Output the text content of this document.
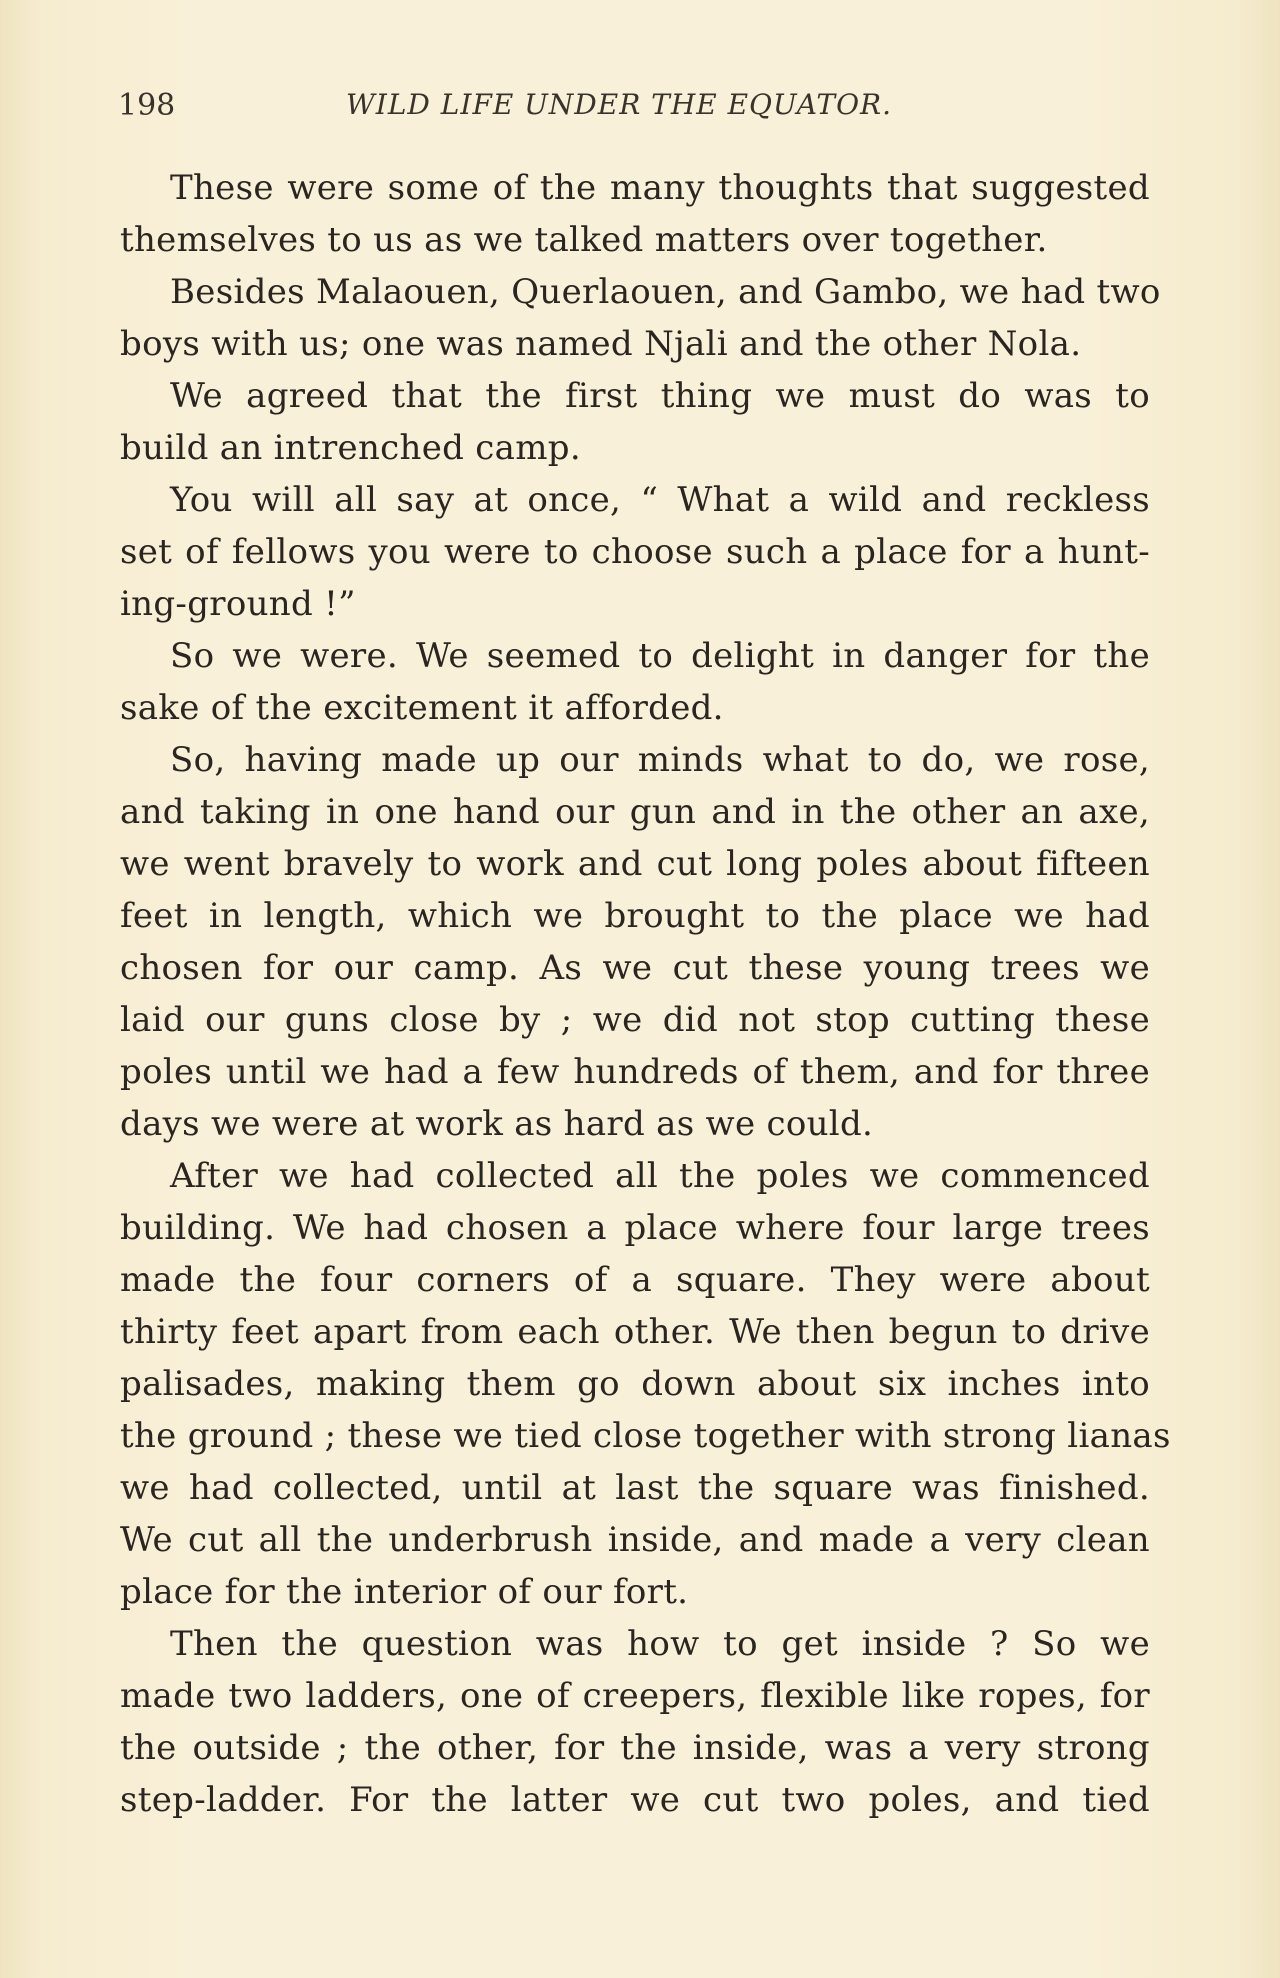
198	WILD LIFE UNDER THE EQUATOR.
These were some of the many thoughts that suggested
themselves to us as we talked matters over together.
Besides Malaouen, Querlaouen, and Gambo, we had two
boys with us; one was named Njali and the other Nola.
We agreed that the first thing we must do was to
build an intrenched camp.
You will all say at once, “ What a wild and reckless
set of fellows you were to choose such a place for a hunt-
ing-ground !”
So we were. We seemed to delight in danger for the
sake of the excitement it afforded.
So, having made up our minds what to do, we rose,
and taking in one hand our gun and in the other an axe,
we went bravely to work and cut long poles about fifteen
feet in length, which we brought to the place we had
chosen for our camp. As we cut these young trees we
laid our guns close by ; we did not stop cutting these
poles until we had a few hundreds of them, and for three
days we were at work as hard as we could.
After we had collected all the poles we commenced
building. We had chosen a place where four large trees
made the four corners of a square. They were about
thirty feet apart from each other. We then begun to drive
palisades, making them go down about six inches into
the ground ; these we tied close together with strong lianas
we had collected, until at last the square was finished.
We cut all the underbrush inside, and made a very clean
place for the interior of our fort.
Then the question was how to get inside ? So we
made two ladders, one of creepers, flexible like ropes, for
the outside ; the other, for the inside, was a very strong
step-ladder. For the latter we cut two poles, and tied
